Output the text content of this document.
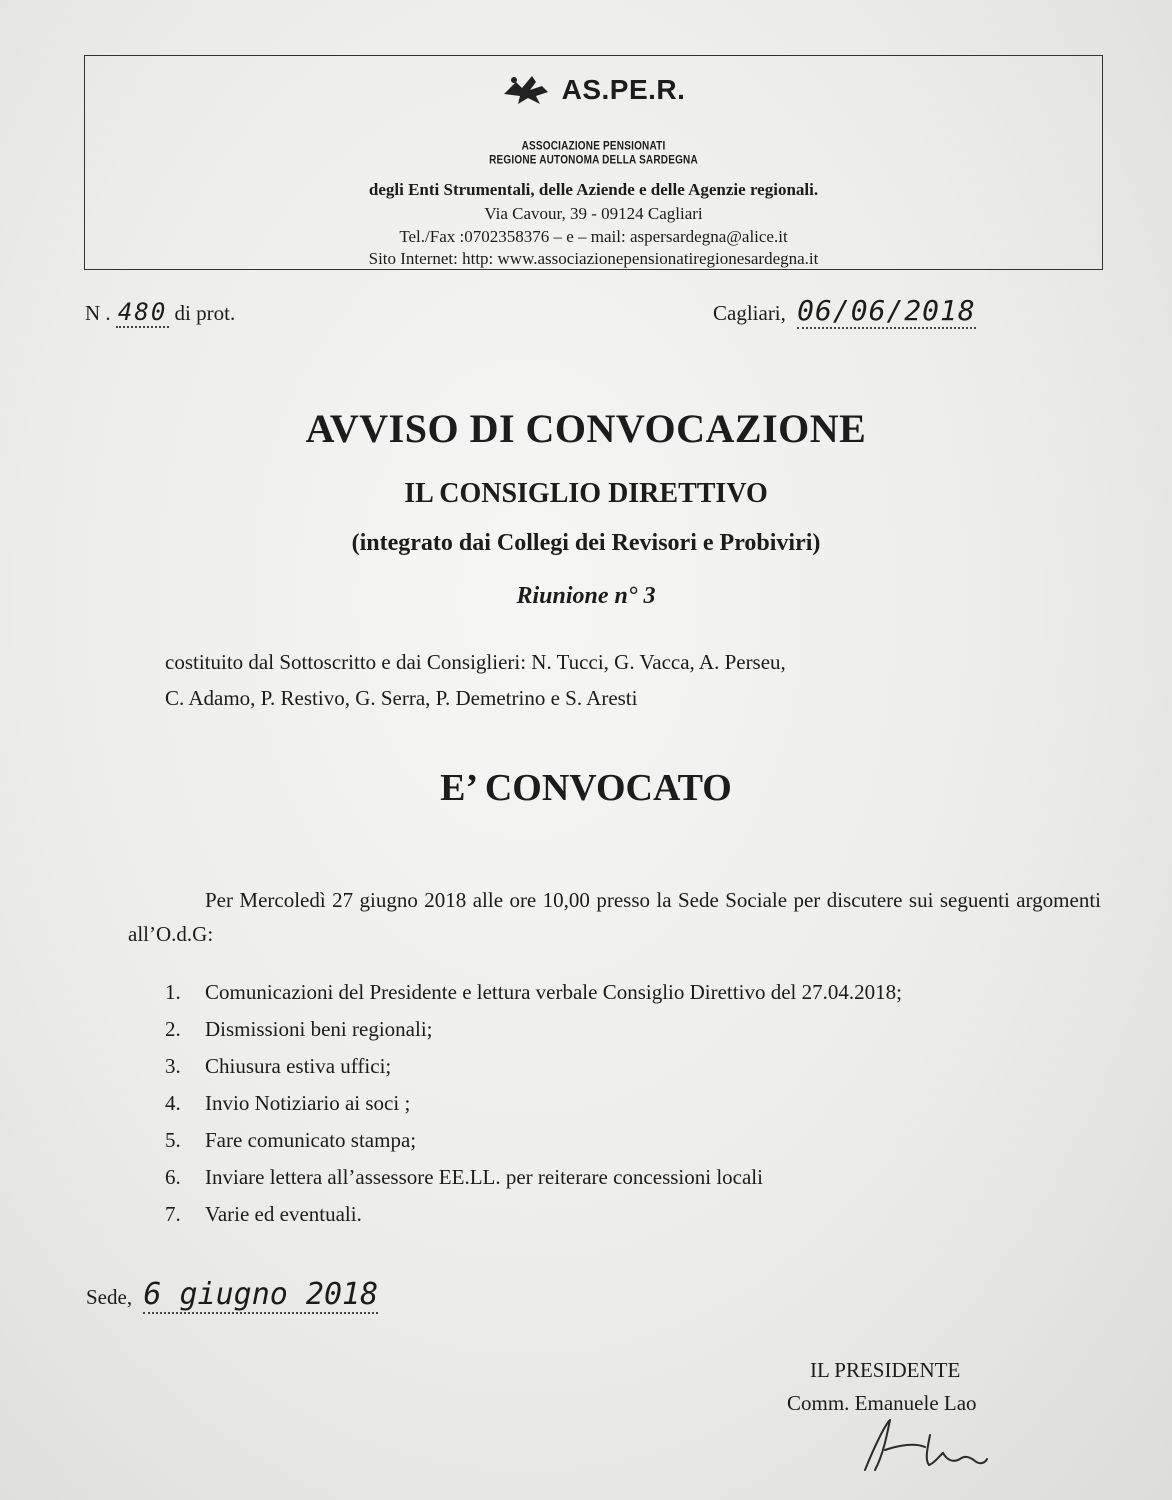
AS.PE.R.
ASSOCIAZIONE PENSIONATI
REGIONE AUTONOMA DELLA SARDEGNA
degli Enti Strumentali, delle Aziende e delle Agenzie regionali.
Via Cavour, 39 - 09124 Cagliari
Tel./Fax :0702358376 – e – mail: aspersardegna@alice.it
Sito Internet: http: www.associazionepensionatiregionesardegna.it
N . 480 di prot.	Cagliari, 06/06/2018
AVVISO DI CONVOCAZIONE
IL CONSIGLIO DIRETTIVO
(integrato dai Collegi dei Revisori e Probiviri)
Riunione n° 3
costituito dal Sottoscritto e dai Consiglieri: N. Tucci, G. Vacca, A. Perseu,
C. Adamo, P. Restivo, G. Serra, P. Demetrino e S. Aresti
E’ CONVOCATO
Per Mercoledì 27 giugno 2018 alle ore 10,00 presso la Sede Sociale per discutere sui seguenti argomenti all’O.d.G:
1. Comunicazioni del Presidente e lettura verbale Consiglio Direttivo del 27.04.2018;
2. Dismissioni beni regionali;
3. Chiusura estiva uffici;
4. Invio Notiziario ai soci ;
5. Fare comunicato stampa;
6. Inviare lettera all’assessore EE.LL. per reiterare concessioni locali
7. Varie ed eventuali.
Sede, 6 giugno 2018
IL PRESIDENTE
Comm. Emanuele Lao
